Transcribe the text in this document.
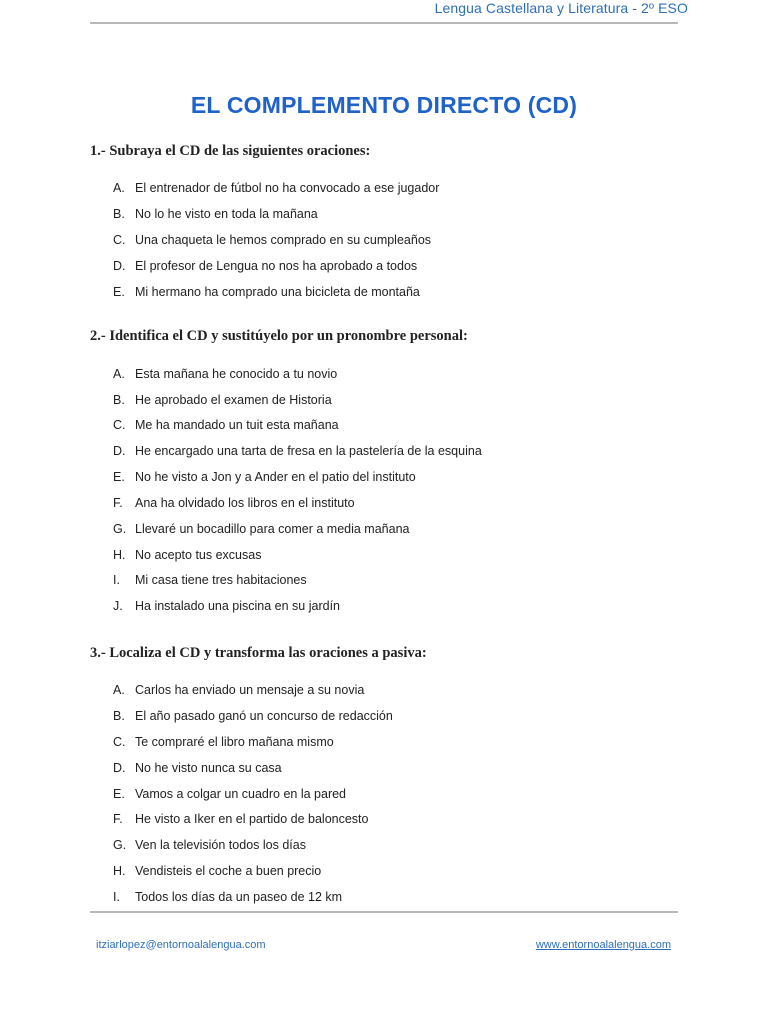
Lengua Castellana y Literatura - 2º ESO
EL COMPLEMENTO DIRECTO (CD)
1.- Subraya el CD de las siguientes oraciones:
A. El entrenador de fútbol no ha convocado a ese jugador
B. No lo he visto en toda la mañana
C. Una chaqueta le hemos comprado en su cumpleaños
D. El profesor de Lengua no nos ha aprobado a todos
E. Mi hermano ha comprado una bicicleta de montaña
2.- Identifica el CD y sustitúyelo por un pronombre personal:
A. Esta mañana he conocido a tu novio
B. He aprobado el examen de Historia
C. Me ha mandado un tuit esta mañana
D. He encargado una tarta de fresa en la pastelería de la esquina
E. No he visto a Jon y a Ander en el patio del instituto
F. Ana ha olvidado los libros en el instituto
G. Llevaré un bocadillo para comer a media mañana
H. No acepto tus excusas
I. Mi casa tiene tres habitaciones
J. Ha instalado una piscina en su jardín
3.- Localiza el CD y transforma las oraciones a pasiva:
A. Carlos ha enviado un mensaje a su novia
B. El año pasado ganó un concurso de redacción
C. Te compraré el libro mañana mismo
D. No he visto nunca su casa
E. Vamos a colgar un cuadro en la pared
F. He visto a Iker en el partido de baloncesto
G. Ven la televisión todos los días
H. Vendisteis el coche a buen precio
I. Todos los días da un paseo de 12 km
itziarlopez@entornoalalengua.com	www.entornoalalengua.com
